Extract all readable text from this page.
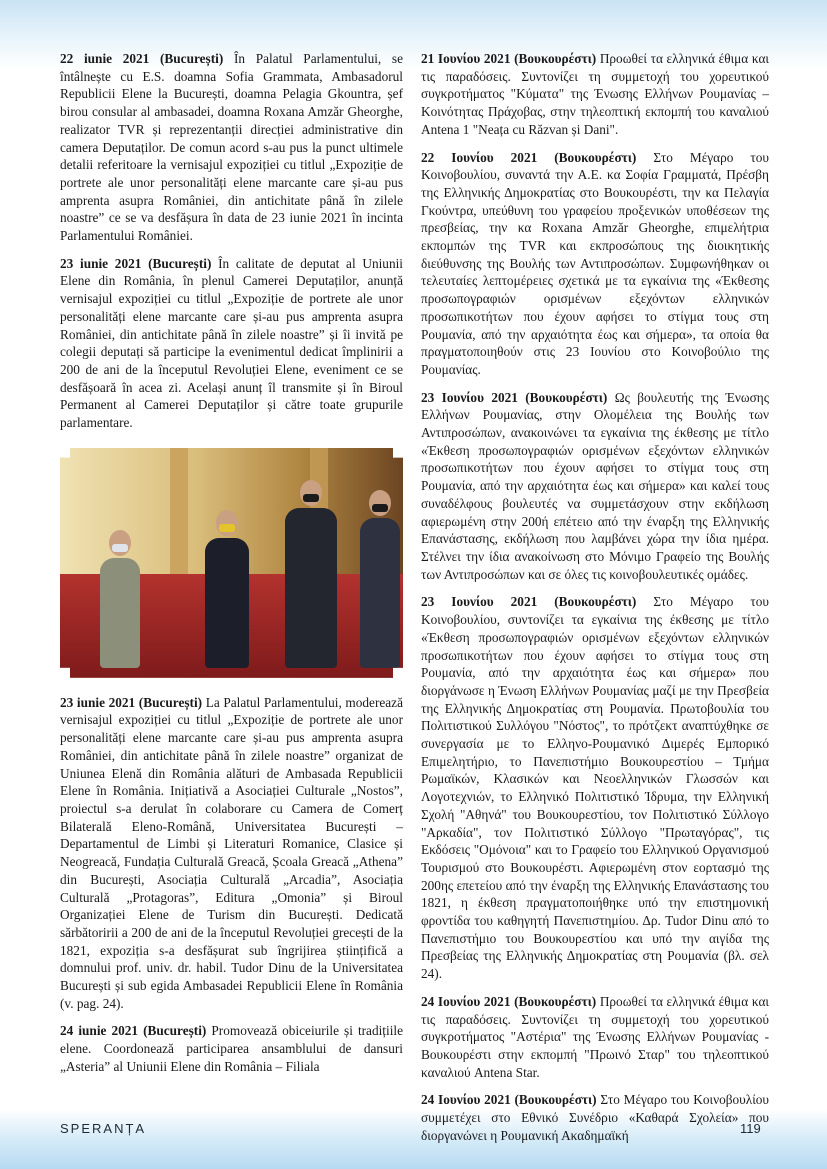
22 iunie 2021 (București) În Palatul Parlamentului, se întâlnește cu E.S. doamna Sofia Grammata, Ambasadorul Republicii Elene la București, doamna Pelagia Gkountra, șef birou consular al ambasadei, doamna Roxana Amzăr Gheorghe, realizator TVR și reprezentanții direcției administrative din camera Deputaților. De comun acord s-au pus la punct ultimele detalii referitoare la vernisajul expoziției cu titlul „Expoziție de portrete ale unor personalități elene marcante care și-au pus amprenta asupra României, din antichitate până în zilele noastre” ce se va desfășura în data de 23 iunie 2021 în incinta Parlamentului României.

23 iunie 2021 (București) În calitate de deputat al Uniunii Elene din România, în plenul Camerei Deputaților, anunță vernisajul expoziției cu titlul „Expoziție de portrete ale unor personalități elene marcante care și-au pus amprenta asupra României, din antichitate până în zilele noastre” și îi invită pe colegii deputați să participe la evenimentul dedicat împlinirii a 200 de ani de la începutul Revoluției Elene, eveniment ce se desfășoară în acea zi. Același anunț îl transmite și în Biroul Permanent al Camerei Deputaților și către toate grupurile parlamentare.

23 iunie 2021 (București) La Palatul Parlamentului, moderează vernisajul expoziției cu titlul „Expoziție de portrete ale unor personalități elene marcante care și-au pus amprenta asupra României, din antichitate până în zilele noastre” organizat de Uniunea Elenă din România alături de Ambasada Republicii Elene în România. Inițiativă a Asociației Culturale „Nostos”, proiectul s-a derulat în colaborare cu Camera de Comerț Bilaterală Eleno-Română, Universitatea București – Departamentul de Limbi și Literaturi Romanice, Clasice și Neogreacă, Fundația Culturală Greacă, Școala Greacă „Athena” din București, Asociația Culturală „Arcadia”, Asociația Culturală „Protagoras”, Editura „Omonia” și Biroul Organizației Elene de Turism din București. Dedicată sărbătoririi a 200 de ani de la începutul Revoluției grecești de la 1821, expoziția s-a desfășurat sub îngrijirea științifică a domnului prof. univ. dr. habil. Tudor Dinu de la Universitatea București și sub egida Ambasadei Republicii Elene în România (v. pag. 24).

24 iunie 2021 (București) Promovează obiceiurile și tradițiile elene. Coordonează participarea ansamblului de dansuri „Asteria” al Uniunii Elene din România – Filiala

21 Ιουνίου 2021 (Βουκουρέστι) Προωθεί τα ελληνικά έθιμα και τις παραδόσεις. Συντονίζει τη συμμετοχή του χορευτικού συγκροτήματος "Κύματα" της Ένωσης Ελλήνων Ρουμανίας – Κοινότητας Πράχοβας, στην τηλεοπτική εκπομπή του καναλιού Antena 1 "Neața cu Răzvan și Dani".

22 Ιουνίου 2021 (Βουκουρέστι) Στο Μέγαρο του Κοινοβουλίου, συναντά την Α.Ε. κα Σοφία Γραμματά, Πρέσβη της Ελληνικής Δημοκρατίας στο Βουκουρέστι, την κα Πελαγία Γκούντρα, υπεύθυνη του γραφείου προξενικών υποθέσεων της πρεσβείας, την κα Roxana Amzăr Gheorghe, επιμελήτρια εκπομπών της TVR και εκπροσώπους της διοικητικής διεύθυνσης της Βουλής των Αντιπροσώπων. Συμφωνήθηκαν οι τελευταίες λεπτομέρειες σχετικά με τα εγκαίνια της «Έκθεσης προσωπογραφιών ορισμένων εξεχόντων ελληνικών προσωπικοτήτων που έχουν αφήσει το στίγμα τους στη Ρουμανία, από την αρχαιότητα έως και σήμερα», τα οποία θα πραγματοποιηθούν στις 23 Ιουνίου στο Κοινοβούλιο της Ρουμανίας.

23 Ιουνίου 2021 (Βουκουρέστι) Ως βουλευτής της Ένωσης Ελλήνων Ρουμανίας, στην Ολομέλεια της Βουλής των Αντιπροσώπων, ανακοινώνει τα εγκαίνια της έκθεσης με τίτλο «Έκθεση προσωπογραφιών ορισμένων εξεχόντων ελληνικών προσωπικοτήτων που έχουν αφήσει το στίγμα τους στη Ρουμανία, από την αρχαιότητα έως και σήμερα» και καλεί τους συναδέλφους βουλευτές να συμμετάσχουν στην εκδήλωση αφιερωμένη στην 200ή επέτειο από την έναρξη της Ελληνικής Επανάστασης, εκδήλωση που λαμβάνει χώρα την ίδια ημέρα. Στέλνει την ίδια ανακοίνωση στο Μόνιμο Γραφείο της Βουλής των Αντιπροσώπων και σε όλες τις κοινοβουλευτικές ομάδες.

23 Ιουνίου 2021 (Βουκουρέστι) Στο Μέγαρο του Κοινοβουλίου, συντονίζει τα εγκαίνια της έκθεσης με τίτλο «Έκθεση προσωπογραφιών ορισμένων εξεχόντων ελληνικών προσωπικοτήτων που έχουν αφήσει το στίγμα τους στη Ρουμανία, από την αρχαιότητα έως και σήμερα» που διοργάνωσε η Ένωση Ελλήνων Ρουμανίας μαζί με την Πρεσβεία της Ελληνικής Δημοκρατίας στη Ρουμανία. Πρωτοβουλία του Πολιτιστικού Συλλόγου "Νόστος", το πρότζεκτ αναπτύχθηκε σε συνεργασία με το Ελληνο-Ρουμανικό Διμερές Εμπορικό Επιμελητήριο, το Πανεπιστήμιο Βουκουρεστίου – Τμήμα Ρωμαϊκών, Κλασικών και Νεοελληνικών Γλωσσών και Λογοτεχνιών, το Ελληνικό Πολιτιστικό Ίδρυμα, την Ελληνική Σχολή "Αθηνά" του Βουκουρεστίου, τον Πολιτιστικό Σύλλογο "Αρκαδία", τον Πολιτιστικό Σύλλογο "Πρωταγόρας", τις Εκδόσεις "Ομόνοια" και το Γραφείο του Ελληνικού Οργανισμού Τουρισμού στο Βουκουρέστι. Αφιερωμένη στον εορτασμό της 200ης επετείου από την έναρξη της Ελληνικής Επανάστασης του 1821, η έκθεση πραγματοποιήθηκε υπό την επιστημονική φροντίδα του καθηγητή Πανεπιστημίου. Δρ. Tudor Dinu από το Πανεπιστήμιο του Βουκουρεστίου και υπό την αιγίδα της Πρεσβείας της Ελληνικής Δημοκρατίας στη Ρουμανία (βλ. σελ 24).

24 Ιουνίου 2021 (Βουκουρέστι) Προωθεί τα ελληνικά έθιμα και τις παραδόσεις. Συντονίζει τη συμμετοχή του χορευτικού συγκροτήματος "Αστέρια" της Ένωσης Ελλήνων Ρουμανίας - Βουκουρέστι στην εκπομπή "Πρωινό Σταρ" του τηλεοπτικού καναλιού Antena Star.

24 Ιουνίου 2021 (Βουκουρέστι) Στο Μέγαρο του Κοινοβουλίου συμμετέχει στο Εθνικό Συνέδριο «Καθαρά Σχολεία» που διοργανώνει η Ρουμανική Ακαδημαϊκή

SPERANȚA	119
